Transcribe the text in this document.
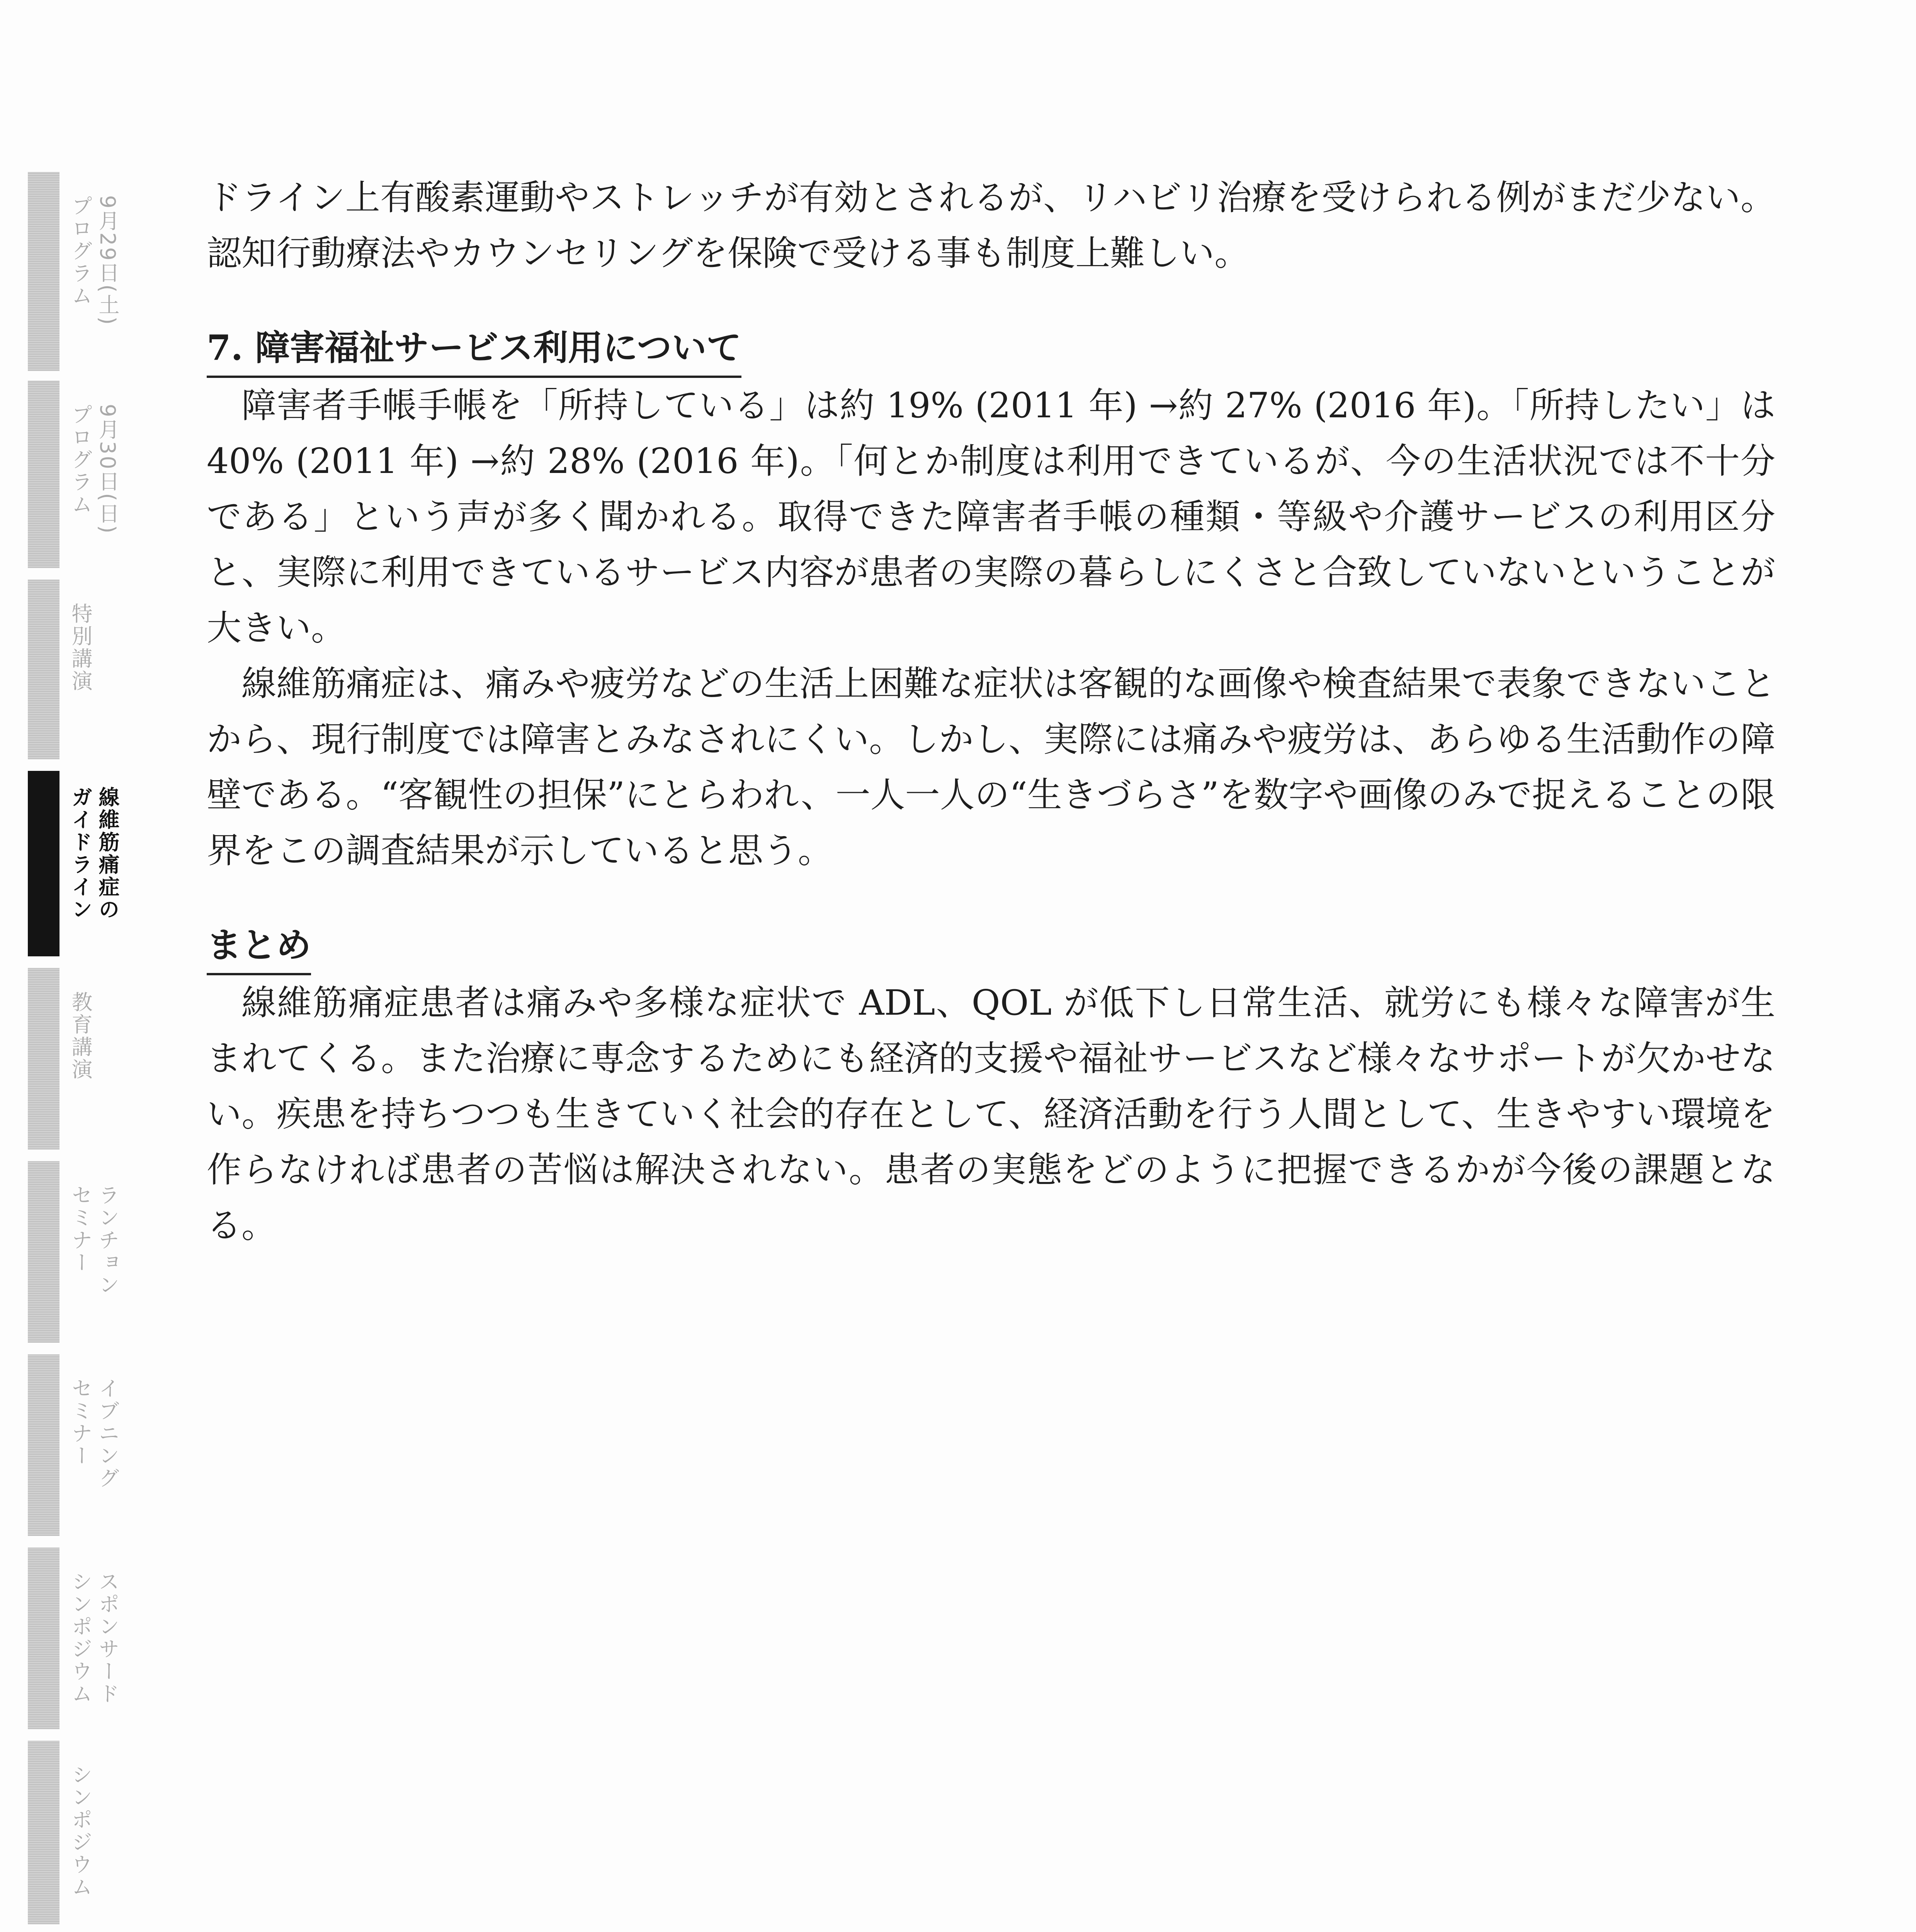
9月29日(土)
プログラム
9月30日(日)
プログラム
特別講演
線維筋痛症の
ガイドライン
教育講演
ランチョン
セミナー
イブニング
セミナー
スポンサード
シンポジウム
シンポジウム

ドライン上有酸素運動やストレッチが有効とされるが、リハビリ治療を受けられる例がまだ少ない。認知行動療法やカウンセリングを保険で受ける事も制度上難しい。

7. 障害福祉サービス利用について

障害者手帳手帳を「所持している」は約 19% (2011 年) →約 27% (2016 年)。「所持したい」は 40% (2011 年) →約 28% (2016 年)。「何とか制度は利用できているが、今の生活状況では不十分である」という声が多く聞かれる。取得できた障害者手帳の種類・等級や介護サービスの利用区分と、実際に利用できているサービス内容が患者の実際の暮らしにくさと合致していないということが大きい。

線維筋痛症は、痛みや疲労などの生活上困難な症状は客観的な画像や検査結果で表象できないことから、現行制度では障害とみなされにくい。しかし、実際には痛みや疲労は、あらゆる生活動作の障壁である。“客観性の担保”にとらわれ、一人一人の“生きづらさ”を数字や画像のみで捉えることの限界をこの調査結果が示していると思う。

まとめ

線維筋痛症患者は痛みや多様な症状で ADL、QOL が低下し日常生活、就労にも様々な障害が生まれてくる。また治療に専念するためにも経済的支援や福祉サービスなど様々なサポートが欠かせない。疾患を持ちつつも生きていく社会的存在として、経済活動を行う人間として、生きやすい環境を作らなければ患者の苦悩は解決されない。患者の実態をどのように把握できるかが今後の課題となる。
